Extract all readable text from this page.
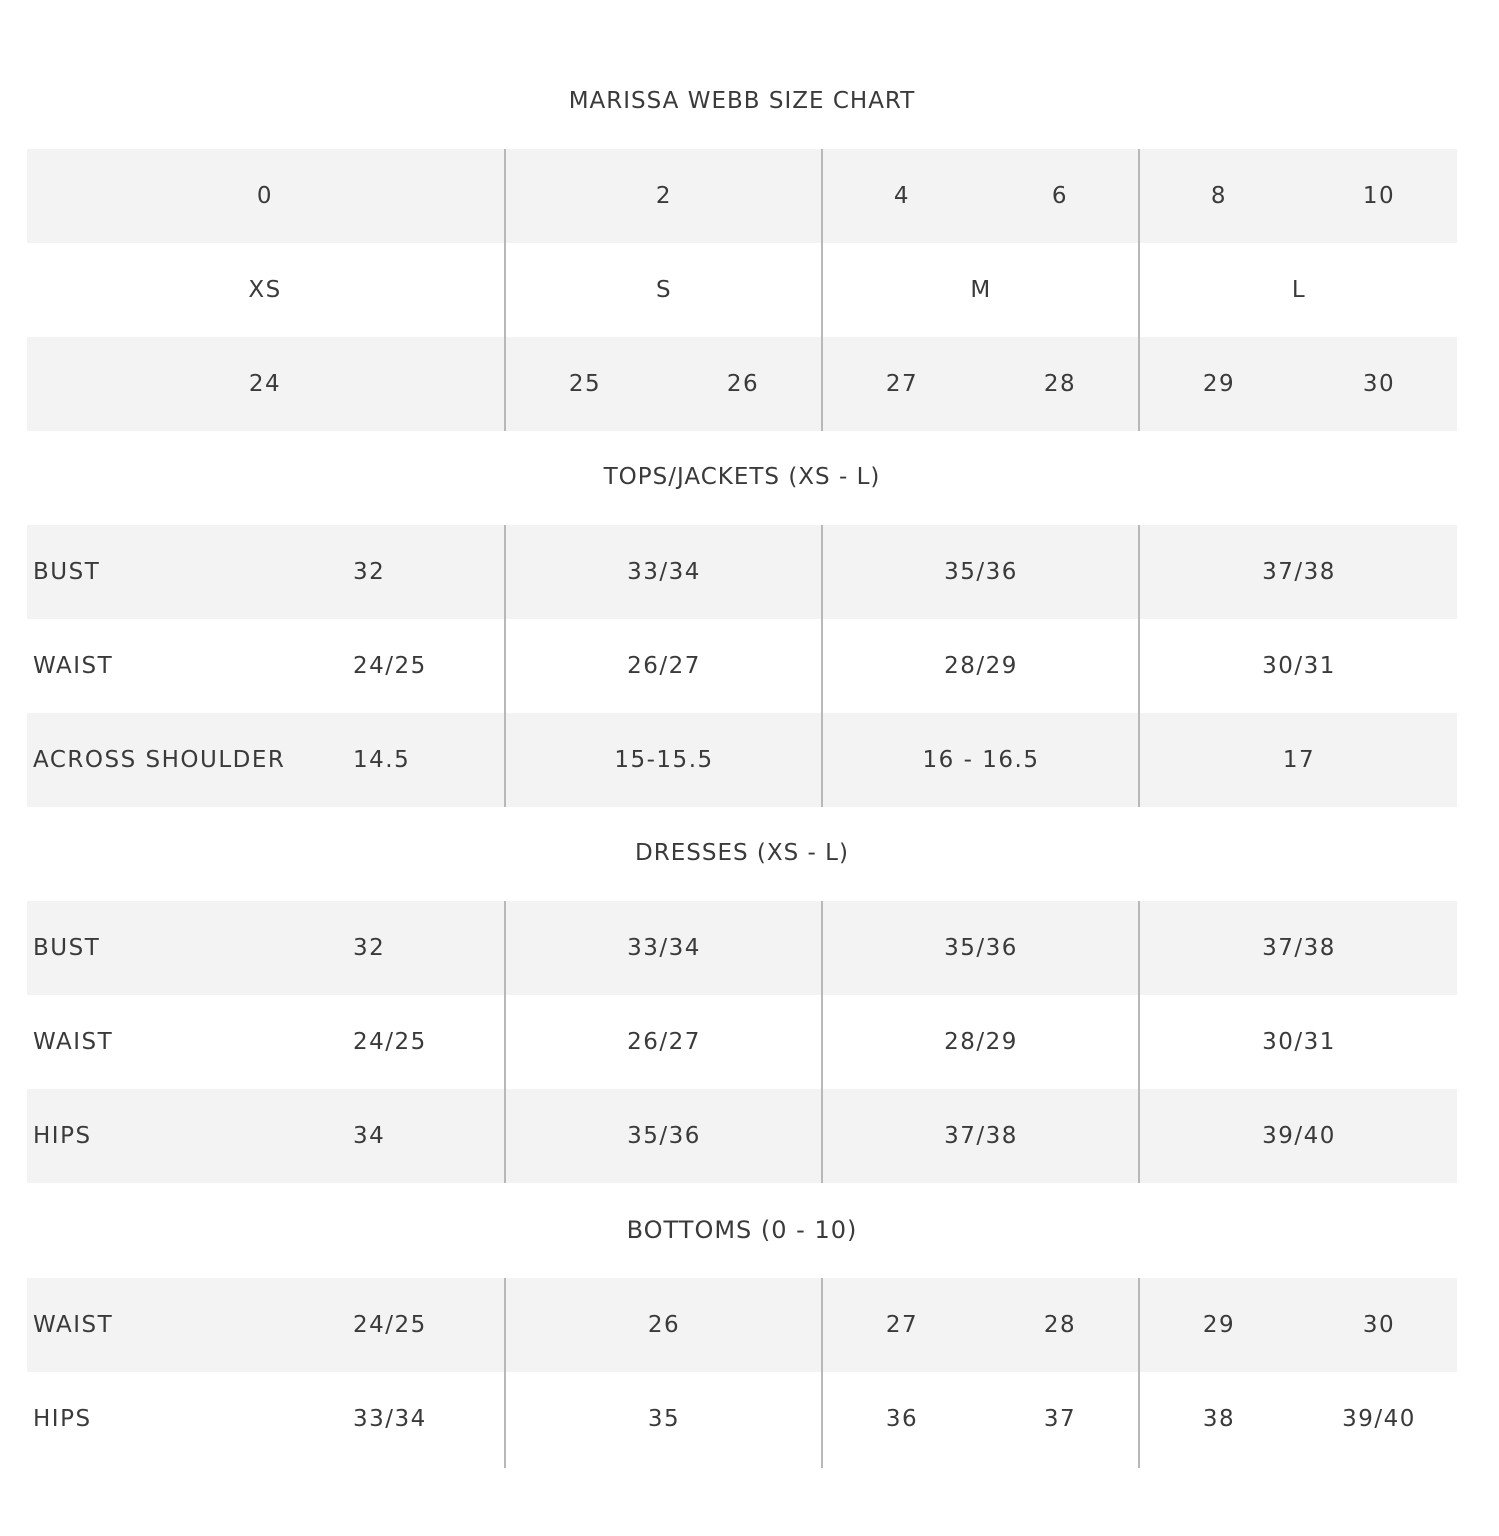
MARISSA WEBB SIZE CHART
0	2	4	6	8	10
XS	S	M	L
24	25	26	27	28	29	30
TOPS/JACKETS (XS - L)
BUST	32	33/34	35/36	37/38
WAIST	24/25	26/27	28/29	30/31
ACROSS SHOULDER	14.5	15-15.5	16 - 16.5	17
DRESSES (XS - L)
BUST	32	33/34	35/36	37/38
WAIST	24/25	26/27	28/29	30/31
HIPS	34	35/36	37/38	39/40
BOTTOMS (0 - 10)
WAIST	24/25	26	27	28	29	30
HIPS	33/34	35	36	37	38	39/40
